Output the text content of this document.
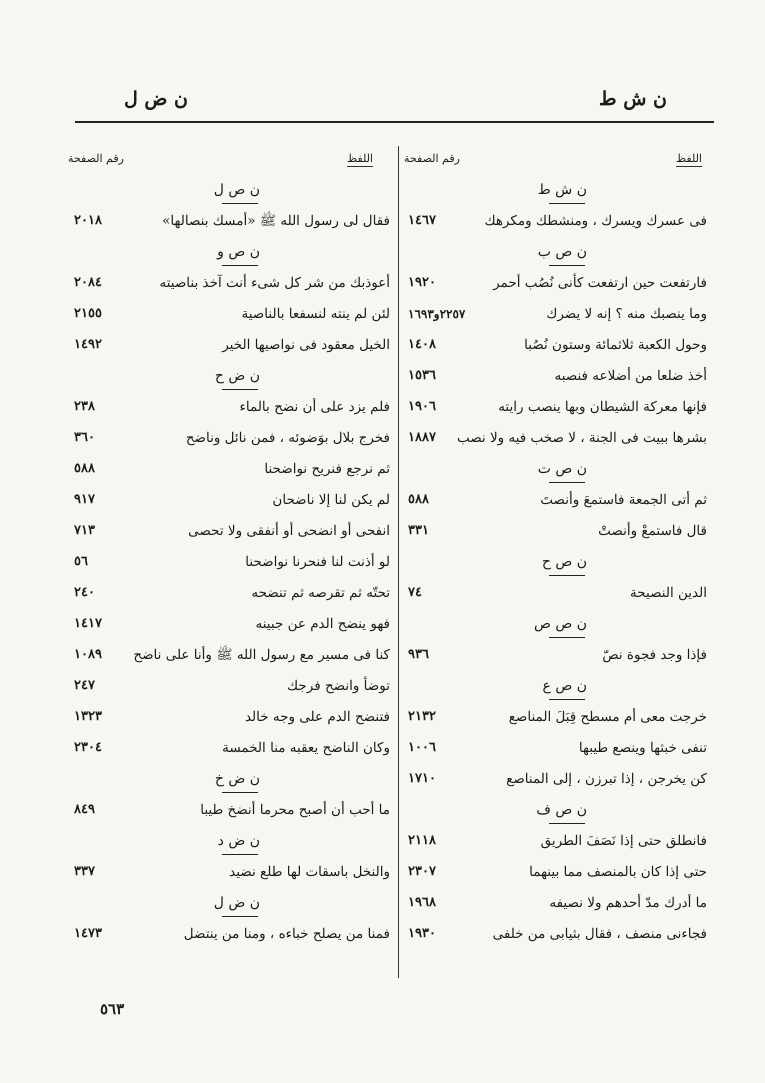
ن ش ط
ن ض ل
اللفظ
رقم الصفحة
اللفظ
رقم الصفحة
ن ش ط
فى عسرك ويسرك ، ومنشطك ومكرهك
١٤٦٧
ن ص ب
فارتفعت حين ارتفعت كأنى نُصُب أحمر
١٩٢٠
وما ينصبك منه ؟ إنه لا يضرك
٢٢٥٧و١٦٩٣
وحول الكعبة ثلاثمائة وستون نُصُبا
١٤٠٨
أخذ ضلعا من أضلاعه فنصبه
١٥٣٦
فإنها معركة الشيطان وبها ينصب رايته
١٩٠٦
بشرها ببيت فى الجنة ، لا صخب فيه ولا نصب
١٨٨٧
ن ص ت
ثم أتى الجمعة فاستمعَ وأنصتَ
٥٨٨
قال فاستمعْ وأنصتْ
٣٣١
ن ص ح
الدين النصيحة
٧٤
ن ص ص
فإذا وجد فجوة نصّ
٩٣٦
ن ص ع
خرجت معى أم مسطح قِبَلَ المناصع
٢١٣٢
تنفى خبثها وينصع طيبها
١٠٠٦
كن يخرجن ، إذا تبرزن ، إلى المناصع
١٧١٠
ن ص ف
فانطلق حتى إذا نَصَفَ الطريق
٢١١٨
حتى إذا كان بالمنصف مما بينهما
٢٣٠٧
ما أدرك مدّ أحدهم ولا نصيفه
١٩٦٨
فجاءنى منصف ، فقال بثيابى من خلفى
١٩٣٠
ن ص ل
فقال لى رسول الله ﷺ «أمسك بنصالها»
٢٠١٨
ن ص و
أعوذبك من شر كل شىء أنت آخذ بناصيته
٢٠٨٤
لئن لم ينته لنسفعا بالناصية
٢١٥٥
الخيل معقود فى نواصيها الخير
١٤٩٢
ن ض ح
فلم يزد على أن نضح بالماء
٢٣٨
فخرج بلال بوَضوئه ، فمن نائل وناضح
٣٦٠
ثم نرجع فنريح نواضحنا
٥٨٨
لم يكن لنا إلا ناضحان
٩١٧
انفحى أو انضحى أو أنفقى ولا تحصى
٧١٣
لو أذنت لنا فنحرنا نواضحنا
٥٦
تحتّه ثم تقرصه ثم تنضحه
٢٤٠
فهو ينضح الدم عن جبينه
١٤١٧
كنا فى مسير مع رسول الله ﷺ وأنا على ناضح
١٠٨٩
توضأ وانضح فرجك
٢٤٧
فتنضح الدم على وجه خالد
١٣٢٣
وكان الناضح يعقبه منا الخمسة
٢٣٠٤
ن ض خ
ما أحب أن أصبح محرما أنضخ طيبا
٨٤٩
ن ض د
والنخل باسقات لها طلع نضيد
٣٣٧
ن ض ل
فمنا من يصلح خباءه ، ومنا من ينتضل
١٤٧٣
٥٦٣
